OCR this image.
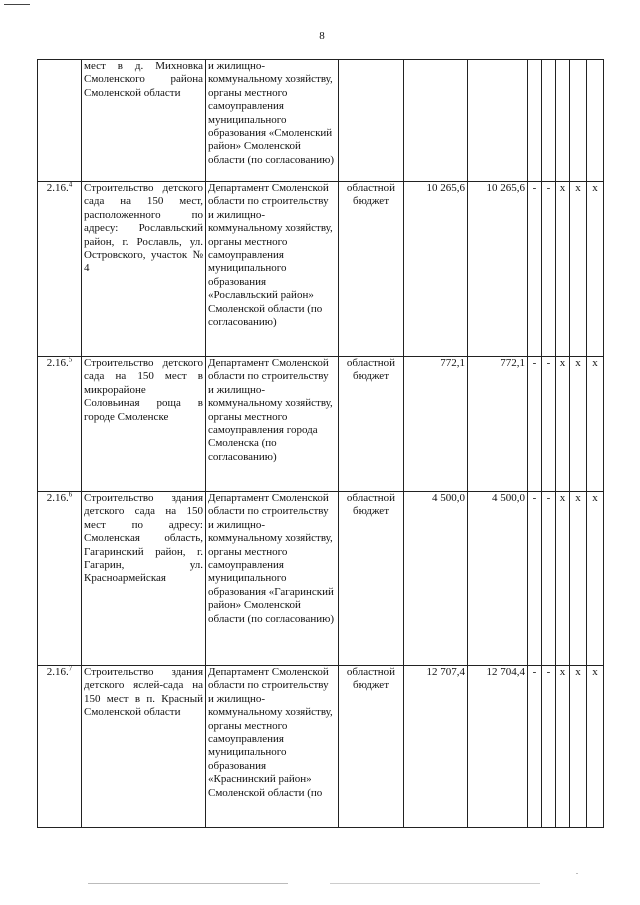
8
	мест в д. Михновка Смоленского района Смоленской области	и жилищно-коммунальному хозяйству, органы местного самоуправления муниципального образования «Смоленский район» Смоленской области (по согласованию)								
2.16.$^4$	Строительство детского сада на 150 мест, расположенного по адресу: Рославльский район, г. Рославль, ул. Островского, участок № 4	Департамент Смоленской области по строительству и жилищно-коммунальному хозяйству, органы местного самоуправления муниципального образования «Рославльский район» Смоленской области (по согласованию)	областной бюджет	10 265,6	10 265,6	-	-	x	x	x
2.16.$^5$	Строительство детского сада на 150 мест в микрорайоне Соловьиная роща в городе Смоленске	Департамент Смоленской области по строительству и жилищно-коммунальному хозяйству, органы местного самоуправления города Смоленска (по согласованию)	областной бюджет	772,1	772,1	-	-	x	x	x
2.16.$^6$	Строительство здания детского сада на 150 мест по адресу: Смоленская область, Гагаринский район, г. Гагарин, ул. Красноармейская	Департамент Смоленской области по строительству и жилищно-коммунальному хозяйству, органы местного самоуправления муниципального образования «Гагаринский район» Смоленской области (по согласованию)	областной бюджет	4 500,0	4 500,0	-	-	x	x	x
2.16.$^7$	Строительство здания детского яслей-сада на 150 мест в п. Красный Смоленской области	Департамент Смоленской области по строительству и жилищно-коммунальному хозяйству, органы местного самоуправления муниципального образования «Краснинский район» Смоленской области (по	областной бюджет	12 707,4	12 704,4	-	-	x	x	x
